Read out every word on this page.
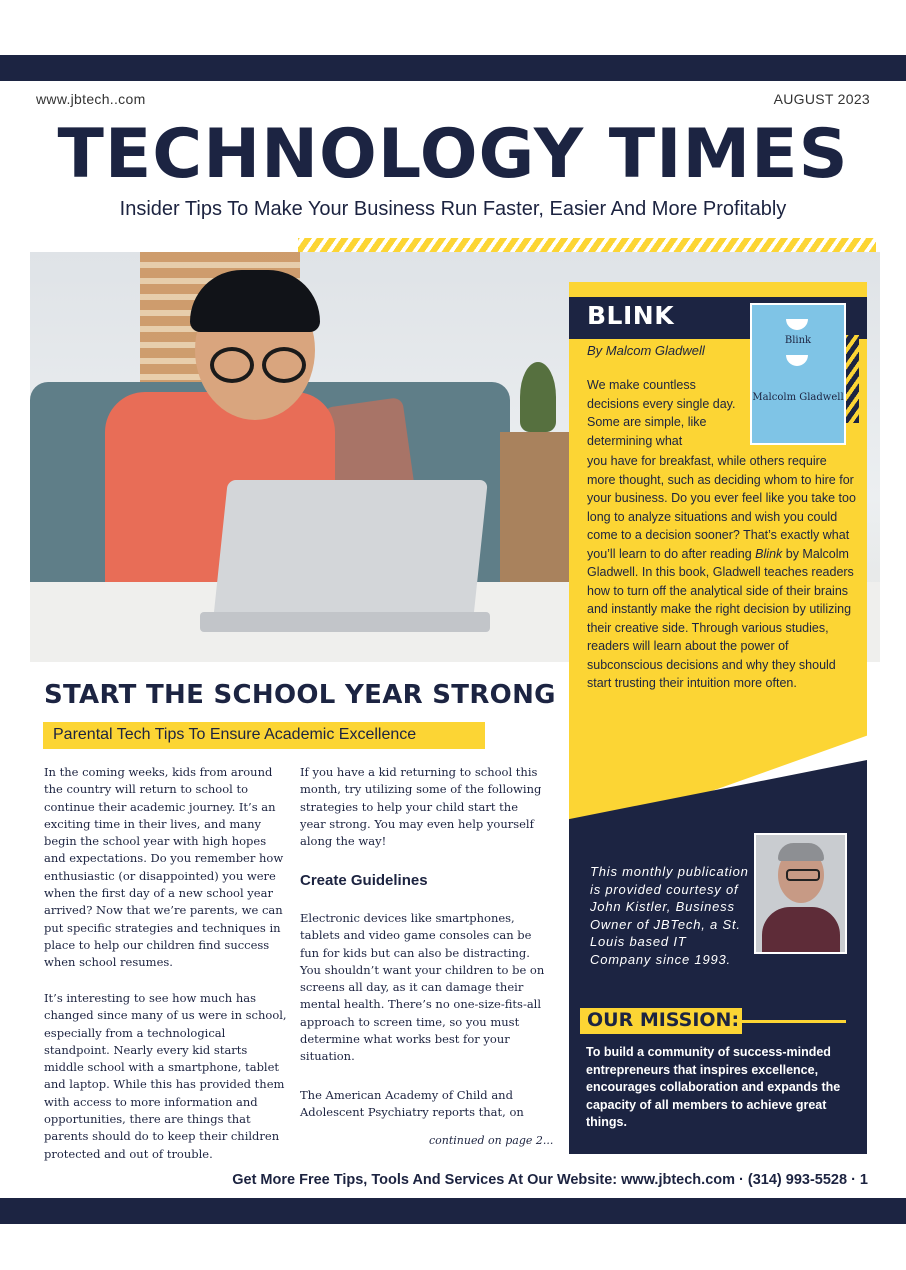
www.jbtech..com	AUGUST 2023
TECHNOLOGY TIMES
Insider Tips To Make Your Business Run Faster, Easier And More Profitably
BLINK
By Malcom Gladwell
Blink
Malcolm Gladwell
We make countless decisions every single day. Some are simple, like determining what
you have for breakfast, while others require more thought, such as deciding whom to hire for your business. Do you ever feel like you take too long to analyze situations and wish you could come to a decision sooner? That’s exactly what you’ll learn to do after reading Blink by Malcolm Gladwell. In this book, Gladwell teaches readers how to turn off the analytical side of their brains and instantly make the right decision by utilizing their creative side. Through various studies, readers will learn about the power of subconscious decisions and why they should start trusting their intuition more often.
This monthly publication is provided courtesy of John Kistler, Business Owner of JBTech, a St. Louis based IT Company since 1993.
OUR MISSION:
To build a community of success-minded entrepreneurs that inspires excellence, encourages collaboration and expands the capacity of all members to achieve great things.
START THE SCHOOL YEAR STRONG
Parental Tech Tips To Ensure Academic Excellence
In the coming weeks, kids from around the country will return to school to continue their academic journey. It’s an exciting time in their lives, and many begin the school year with high hopes and expectations. Do you remember how enthusiastic (or disappointed) you were when the first day of a new school year arrived? Now that we’re parents, we can put specific strategies and techniques in place to help our children find success when school resumes.
It’s interesting to see how much has changed since many of us were in school, especially from a technological standpoint. Nearly every kid starts middle school with a smartphone, tablet and laptop. While this has provided them with access to more information and opportunities, there are things that parents should do to keep their children protected and out of trouble.
If you have a kid returning to school this month, try utilizing some of the following strategies to help your child start the year strong. You may even help yourself along the way!
Create Guidelines
Electronic devices like smartphones, tablets and video game consoles can be fun for kids but can also be distracting. You shouldn’t want your children to be on screens all day, as it can damage their mental health. There’s no one-size-fits-all approach to screen time, so you must determine what works best for your situation.
The American Academy of Child and Adolescent Psychiatry reports that, on
continued on page 2...
Get More Free Tips, Tools And Services At Our Website: www.jbtech.com · (314) 993-5528 · 1
